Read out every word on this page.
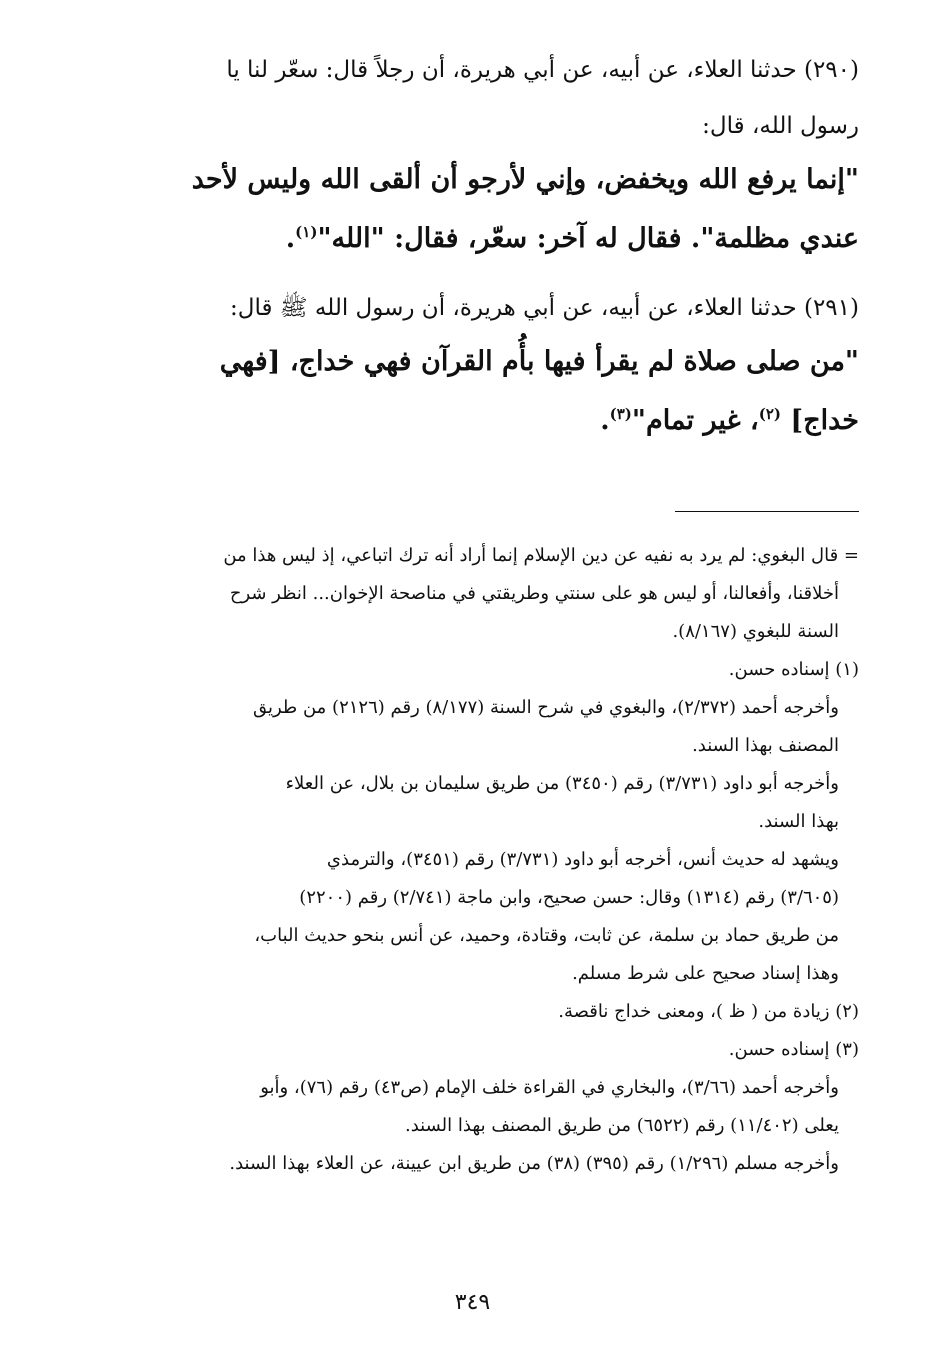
(٢٩٠) حدثنا العلاء، عن أبيه، عن أبي هريرة، أن رجلاً قال: سعّر لنا يا

رسول الله، قال:

"إنما يرفع الله ويخفض، وإني لأرجو أن ألقى الله وليس لأحد

عندي مظلمة". فقال له آخر: سعّر، فقال: "الله"$^{(١)}$.

(٢٩١) حدثنا العلاء، عن أبيه، عن أبي هريرة، أن رسول الله ﷺ قال:

"من صلى صلاة لم يقرأ فيها بأُم القرآن فهي خداج، [فهي

خداج] $^{(٢)}$، غير تمام"$^{(٣)}$.

= قال البغوي: لم يرد به نفيه عن دين الإسلام إنما أراد أنه ترك اتباعي، إذ ليس هذا من

أخلاقنا، وأفعالنا، أو ليس هو على سنتي وطريقتي في مناصحة الإخوان... انظر شرح

السنة للبغوي (٨/١٦٧).

(١) إسناده حسن.

وأخرجه أحمد (٢/٣٧٢)، والبغوي في شرح السنة (٨/١٧٧) رقم (٢١٢٦) من طريق

المصنف بهذا السند.

وأخرجه أبو داود (٣/٧٣١) رقم (٣٤٥٠) من طريق سليمان بن بلال، عن العلاء

بهذا السند.

ويشهد له حديث أنس، أخرجه أبو داود (٣/٧٣١) رقم (٣٤٥١)، والترمذي

(٣/٦٠٥) رقم (١٣١٤) وقال: حسن صحيح، وابن ماجة (٢/٧٤١) رقم (٢٢٠٠)

من طريق حماد بن سلمة، عن ثابت، وقتادة، وحميد، عن أنس بنحو حديث الباب،

وهذا إسناد صحيح على شرط مسلم.

(٢) زيادة من ( ظ )، ومعنى خداج ناقصة.

(٣) إسناده حسن.

وأخرجه أحمد (٣/٦٦)، والبخاري في القراءة خلف الإمام (ص٤٣) رقم (٧٦)، وأبو

يعلى (١١/٤٠٢) رقم (٦٥٢٢) من طريق المصنف بهذا السند.

وأخرجه مسلم (١/٢٩٦) رقم (٣٩٥) (٣٨) من طريق ابن عيينة، عن العلاء بهذا السند.

٣٤٩
